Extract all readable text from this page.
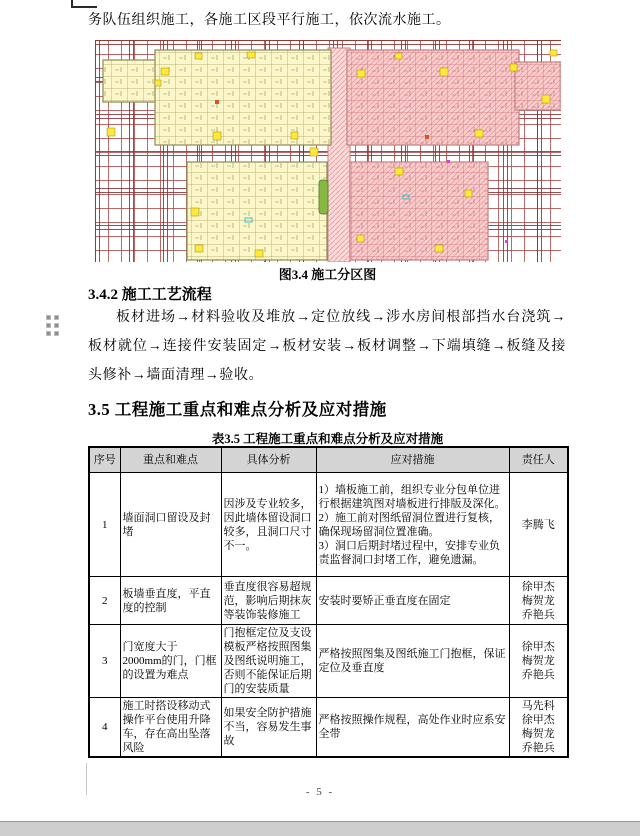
务队伍组织施工，各施工区段平行施工，依次流水施工。
图3.4 施工分区图
3.4.2 施工工艺流程
板材进场→材料验收及堆放→定位放线→涉水房间根部挡水台浇筑→板材就位→连接件安装固定→板材安装→板材调整→下端填缝→板缝及接头修补→墙面清理→验收。
3.5 工程施工重点和难点分析及应对措施
表3.5 工程施工重点和难点分析及应对措施
序号	重点和难点	具体分析	应对措施	责任人
1	墙面洞口留设及封堵	因涉及专业较多，因此墙体留设洞口较多，且洞口尺寸不一。	1）墙板施工前，组织专业分包单位进行根据建筑图对墙板进行排版及深化。
2）施工前对图纸留洞位置进行复核，确保现场留洞位置准确。
3）洞口后期封堵过程中，安排专业负责监督洞口封堵工作，避免遗漏。	李腾飞

2	板墙垂直度，平直度的控制	垂直度很容易超规范，影响后期抹灰等装饰装修施工	安装时要矫正垂直度在固定	徐甲杰
梅贺龙
乔艳兵

3	门宽度大于 2000mm的门，门框的设置为难点	门抱框定位及支设模板严格按照图集及图纸说明施工，否则不能保证后期门的安装质量	严格按照图集及图纸施工门抱框，保证定位及垂直度	徐甲杰
梅贺龙
乔艳兵

4	施工时搭设移动式操作平台使用升降车，存在高出坠落风险	如果安全防护措施不当，容易发生事故	严格按照操作规程，高处作业时应系安全带	马先科
徐甲杰
梅贺龙
乔艳兵
- 5 -
